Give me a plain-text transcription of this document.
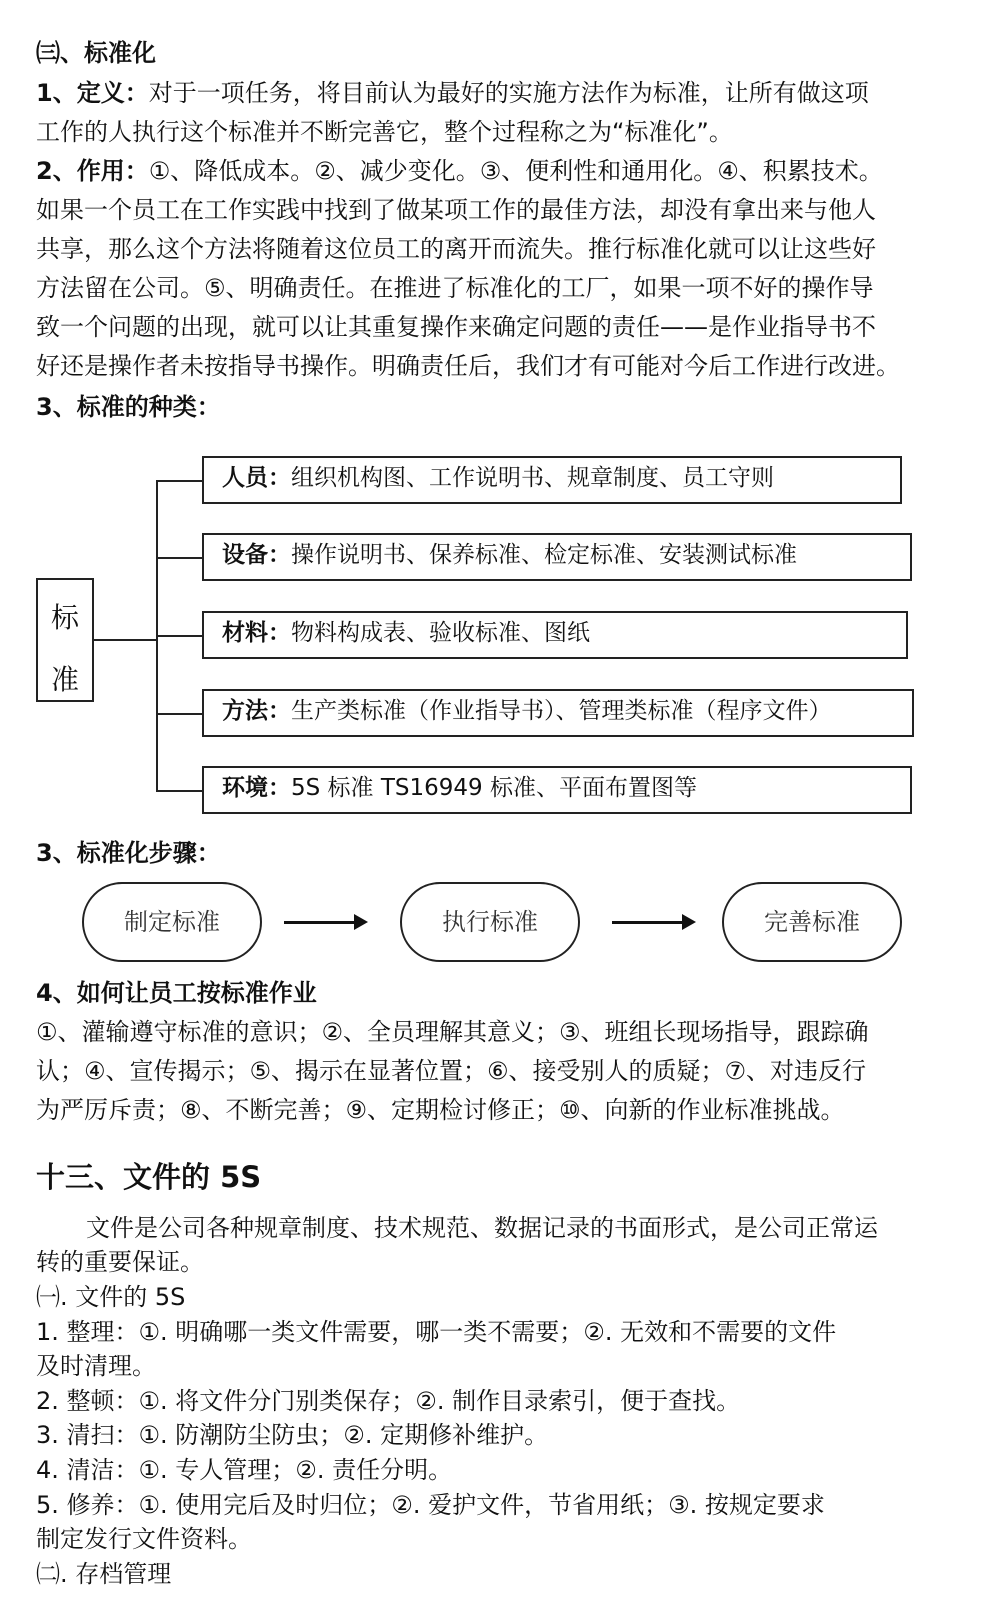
㈢、标准化
1、定义：对于一项任务，将目前认为最好的实施方法作为标准，让所有做这项
工作的人执行这个标准并不断完善它，整个过程称之为“标准化”。
2、作用：①、降低成本。②、减少变化。③、便利性和通用化。④、积累技术。
如果一个员工在工作实践中找到了做某项工作的最佳方法，却没有拿出来与他人
共享，那么这个方法将随着这位员工的离开而流失。推行标准化就可以让这些好
方法留在公司。⑤、明确责任。在推进了标准化的工厂，如果一项不好的操作导
致一个问题的出现，就可以让其重复操作来确定问题的责任——是作业指导书不
好还是操作者未按指导书操作。明确责任后，我们才有可能对今后工作进行改进。
3、标准的种类：
标
准
人员：组织机构图、工作说明书、规章制度、员工守则
设备：操作说明书、保养标准、检定标准、安装测试标准
材料：物料构成表、验收标准、图纸
方法：生产类标准（作业指导书）、管理类标准（程序文件）
环境：5S 标准 TS16949 标准、平面布置图等
3、标准化步骤：
制定标准	执行标准	完善标准
4、如何让员工按标准作业
①、灌输遵守标准的意识；②、全员理解其意义；③、班组长现场指导，跟踪确
认；④、宣传揭示；⑤、揭示在显著位置；⑥、接受别人的质疑；⑦、对违反行
为严厉斥责；⑧、不断完善；⑨、定期检讨修正；⑩、向新的作业标准挑战。
十三、文件的 5S
文件是公司各种规章制度、技术规范、数据记录的书面形式，是公司正常运
转的重要保证。
㈠. 文件的 5S
1. 整理：①. 明确哪一类文件需要，哪一类不需要；②. 无效和不需要的文件
及时清理。
2. 整顿：①. 将文件分门别类保存；②. 制作目录索引，便于查找。
3. 清扫：①. 防潮防尘防虫；②. 定期修补维护。
4. 清洁：①. 专人管理；②. 责任分明。
5. 修养：①. 使用完后及时归位；②. 爱护文件，节省用纸；③. 按规定要求
制定发行文件资料。
㈡. 存档管理
